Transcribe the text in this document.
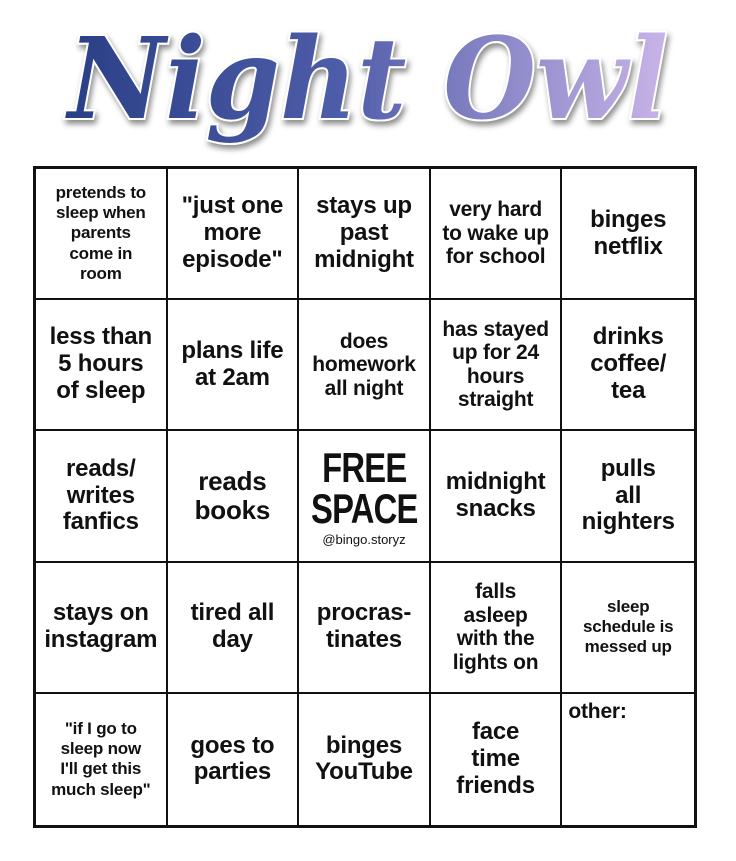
Night Owl
pretends to
sleep when
parents
come in
room
"just one
more
episode"
stays up
past
midnight
very hard
to wake up
for school
binges
netflix
less than
5 hours
of sleep
plans life
at 2am
does
homework
all night
has stayed
up for 24
hours
straight
drinks
coffee/
tea
reads/
writes
fanfics
reads
books
FREE
SPACE
@bingo.storyz
midnight
snacks
pulls
all
nighters
stays on
instagram
tired all
day
procras-
tinates
falls
asleep
with the
lights on
sleep
schedule is
messed up
"if I go to
sleep now
I'll get this
much sleep"
goes to
parties
binges
YouTube
face
time
friends
other:
